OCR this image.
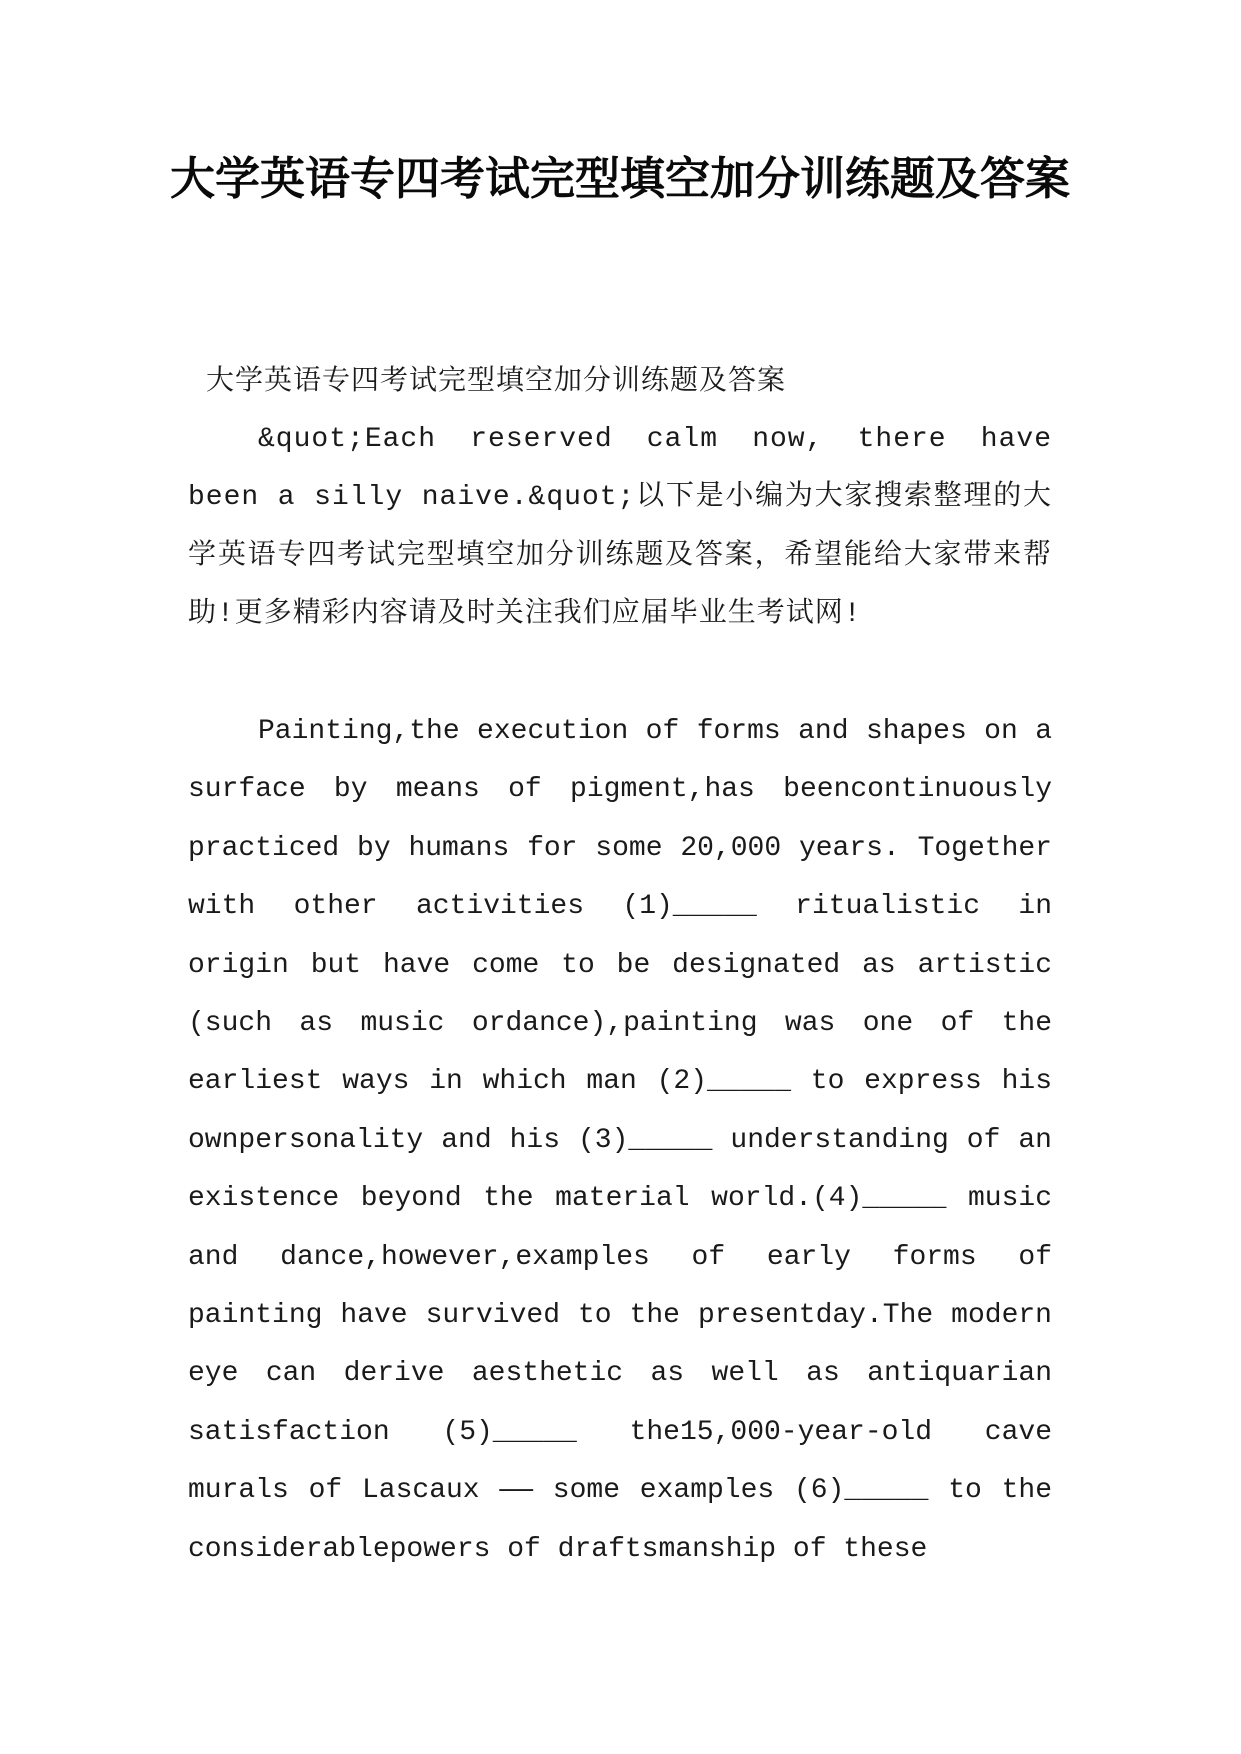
大学英语专四考试完型填空加分训练题及答案

大学英语专四考试完型填空加分训练题及答案

&quot;Each reserved calm now, there have been a silly naive.&quot;以下是小编为大家搜索整理的大学英语专四考试完型填空加分训练题及答案，希望能给大家带来帮助!更多精彩内容请及时关注我们应届毕业生考试网!

Painting,the execution of forms and shapes on a surface by means of pigment,has beencontinuously practiced by humans for some 20,000 years. Together with other activities (1)_____ ritualistic in origin but have come to be designated as artistic (such as music ordance),painting was one of the earliest ways in which man (2)_____ to express his ownpersonality and his (3)_____ understanding of an existence beyond the material world.(4)_____ music and dance,however,examples of early forms of painting have survived to the presentday.The modern eye can derive aesthetic as well as antiquarian satisfaction (5)_____ the15,000-year-old cave murals of Lascaux —— some examples (6)_____ to the considerablepowers of draftsmanship of these
